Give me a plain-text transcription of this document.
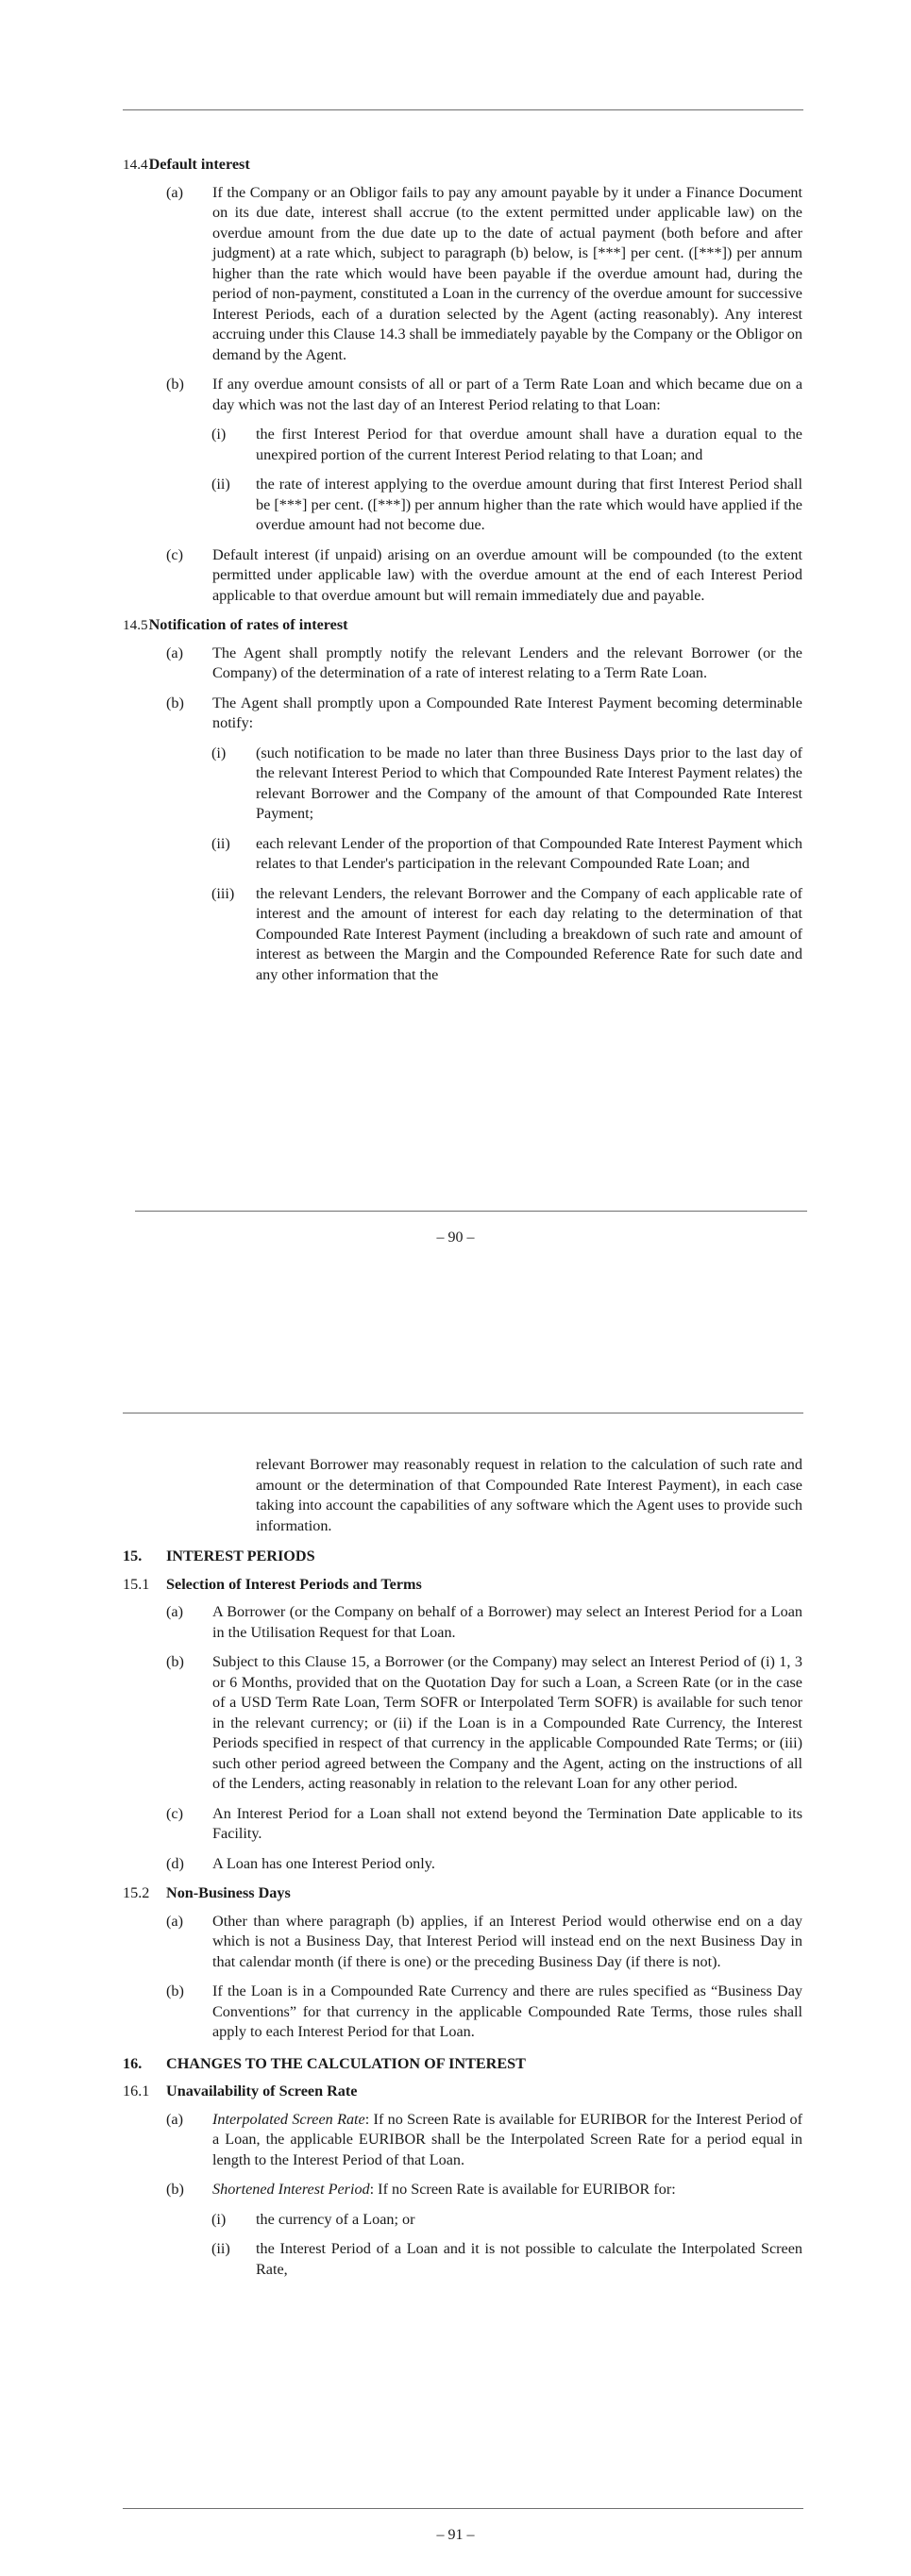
14.4Default interest
(a) If the Company or an Obligor fails to pay any amount payable by it under a Finance Document on its due date, interest shall accrue (to the extent permitted under applicable law) on the overdue amount from the due date up to the date of actual payment (both before and after judgment) at a rate which, subject to paragraph (b) below, is [***] per cent. ([***]) per annum higher than the rate which would have been payable if the overdue amount had, during the period of non-payment, constituted a Loan in the currency of the overdue amount for successive Interest Periods, each of a duration selected by the Agent (acting reasonably). Any interest accruing under this Clause 14.3 shall be immediately payable by the Company or the Obligor on demand by the Agent.
(b) If any overdue amount consists of all or part of a Term Rate Loan and which became due on a day which was not the last day of an Interest Period relating to that Loan:
(i) the first Interest Period for that overdue amount shall have a duration equal to the unexpired portion of the current Interest Period relating to that Loan; and
(ii) the rate of interest applying to the overdue amount during that first Interest Period shall be [***] per cent. ([***]) per annum higher than the rate which would have applied if the overdue amount had not become due.
(c) Default interest (if unpaid) arising on an overdue amount will be compounded (to the extent permitted under applicable law) with the overdue amount at the end of each Interest Period applicable to that overdue amount but will remain immediately due and payable.
14.5Notification of rates of interest
(a) The Agent shall promptly notify the relevant Lenders and the relevant Borrower (or the Company) of the determination of a rate of interest relating to a Term Rate Loan.
(b) The Agent shall promptly upon a Compounded Rate Interest Payment becoming determinable notify:
(i) (such notification to be made no later than three Business Days prior to the last day of the relevant Interest Period to which that Compounded Rate Interest Payment relates) the relevant Borrower and the Company of the amount of that Compounded Rate Interest Payment;
(ii) each relevant Lender of the proportion of that Compounded Rate Interest Payment which relates to that Lender's participation in the relevant Compounded Rate Loan; and
(iii) the relevant Lenders, the relevant Borrower and the Company of each applicable rate of interest and the amount of interest for each day relating to the determination of that Compounded Rate Interest Payment (including a breakdown of such rate and amount of interest as between the Margin and the Compounded Reference Rate for such date and any other information that the
– 90 –
relevant Borrower may reasonably request in relation to the calculation of such rate and amount or the determination of that Compounded Rate Interest Payment), in each case taking into account the capabilities of any software which the Agent uses to provide such information.
15. INTEREST PERIODS
15.1 Selection of Interest Periods and Terms
(a) A Borrower (or the Company on behalf of a Borrower) may select an Interest Period for a Loan in the Utilisation Request for that Loan.
(b) Subject to this Clause 15, a Borrower (or the Company) may select an Interest Period of (i) 1, 3 or 6 Months, provided that on the Quotation Day for such a Loan, a Screen Rate (or in the case of a USD Term Rate Loan, Term SOFR or Interpolated Term SOFR) is available for such tenor in the relevant currency; or (ii) if the Loan is in a Compounded Rate Currency, the Interest Periods specified in respect of that currency in the applicable Compounded Rate Terms; or (iii) such other period agreed between the Company and the Agent, acting on the instructions of all of the Lenders, acting reasonably in relation to the relevant Loan for any other period.
(c) An Interest Period for a Loan shall not extend beyond the Termination Date applicable to its Facility.
(d) A Loan has one Interest Period only.
15.2 Non-Business Days
(a) Other than where paragraph (b) applies, if an Interest Period would otherwise end on a day which is not a Business Day, that Interest Period will instead end on the next Business Day in that calendar month (if there is one) or the preceding Business Day (if there is not).
(b) If the Loan is in a Compounded Rate Currency and there are rules specified as “Business Day Conventions” for that currency in the applicable Compounded Rate Terms, those rules shall apply to each Interest Period for that Loan.
16. CHANGES TO THE CALCULATION OF INTEREST
16.1 Unavailability of Screen Rate
(a) Interpolated Screen Rate: If no Screen Rate is available for EURIBOR for the Interest Period of a Loan, the applicable EURIBOR shall be the Interpolated Screen Rate for a period equal in length to the Interest Period of that Loan.
(b) Shortened Interest Period: If no Screen Rate is available for EURIBOR for:
(i) the currency of a Loan; or
(ii) the Interest Period of a Loan and it is not possible to calculate the Interpolated Screen Rate,
– 91 –
